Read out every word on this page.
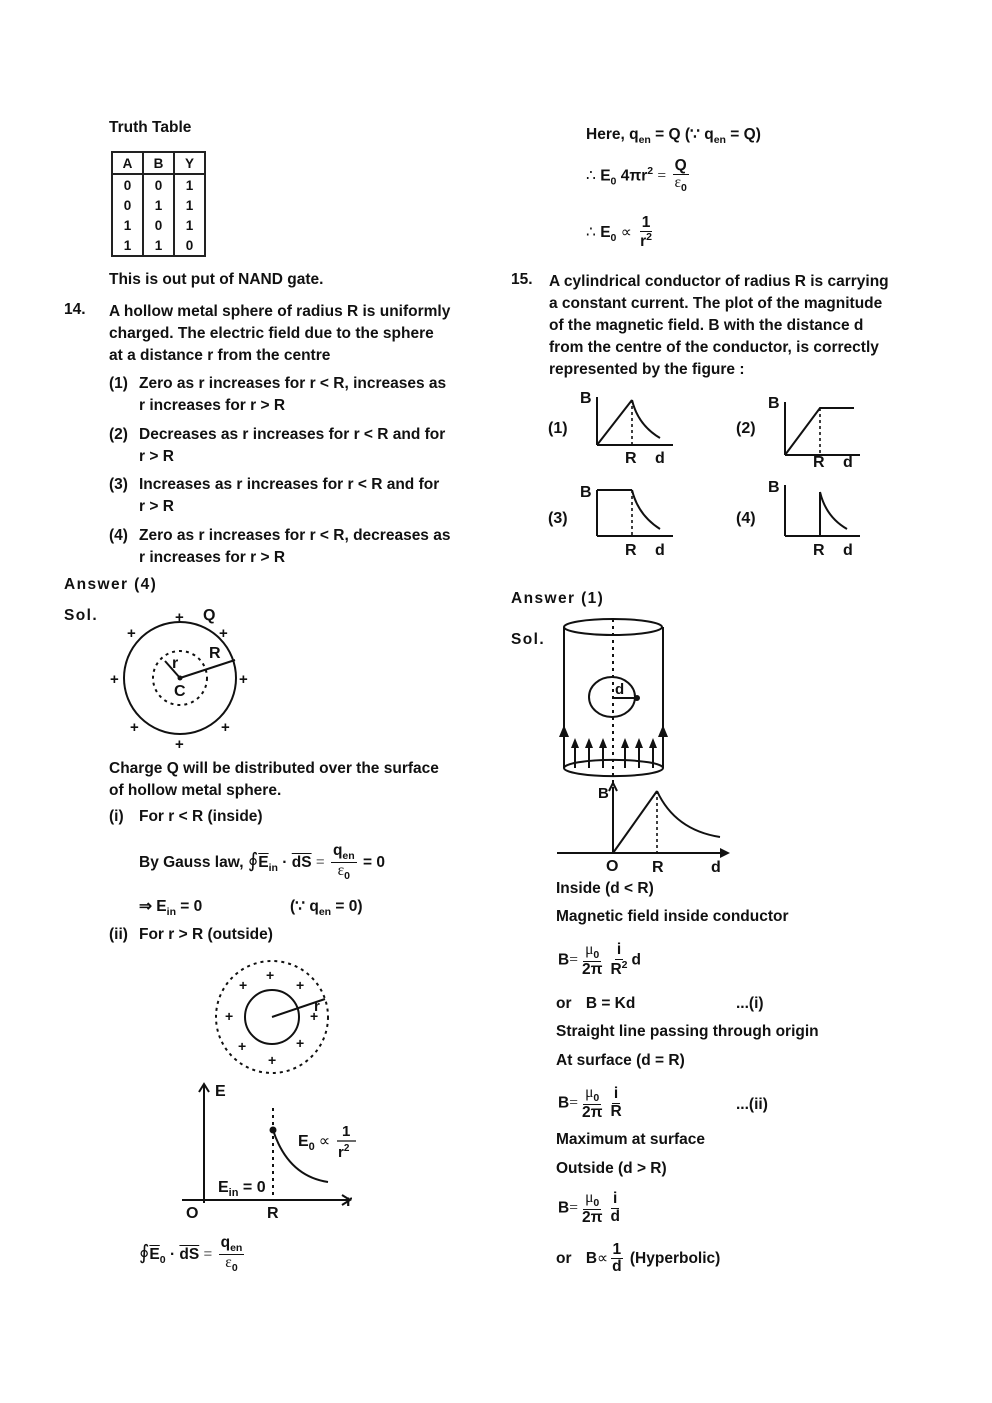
Truth Table
A	B	Y
0	0	1
0	1	1
1	0	1
1	1	0
This is out put of NAND gate.
14. A hollow metal sphere of radius R is uniformly
charged. The electric field due to the sphere
at a distance r from the centre
(1) Zero as r increases for r < R, increases as
r increases for r > R
(2) Decreases as r increases for r < R and for
r > R
(3) Increases as r increases for r < R and for
r > R
(4) Zero as r increases for r < R, decreases as
r increases for r > R
Answer (4)
Sol.
r
R
C
Q
+
+	+
+	+
+	+
+
Charge Q will be distributed over the surface
of hollow metal sphere.
(i) For r < R (inside)
By Gauss law, $∮\overline{E}_{in} \cdot \overline{dS} = \frac{q_{en}}{\varepsilon_0} = 0$
⇒ $E_{in} = 0$	(∵ $q_{en} = 0$)
(ii) For r > R (outside)
r
+
+	+
+	+
+	+
+
E
r
O	R
$E_{in} = 0$
$E_0$ ∝
1
$r^2$
$∮\overline{E}_0 \cdot \overline{dS} = \frac{q_{en}}{\varepsilon_0}$
Here, $q_{en} = Q$ (∵ $q_{en} = Q$)
∴ $E_0$ $4\pi r^2 = \frac{Q}{\varepsilon_0}$
∴ $E_0 \propto \frac{1}{r^2}$
15. A cylindrical conductor of radius R is carrying
a constant current. The plot of the magnitude
of the magnetic field. B with the distance d
from the centre of the conductor, is correctly
represented by the figure :
(1)
B
R d
(2)
B
R d
(3)
B
R d
(4)
B
R d
Answer (1)
Sol.
d
B
O R	d
Inside (d < R)
Magnetic field inside conductor
$B= \frac{\mu_0}{2\pi} \frac{i}{R^2}$ d
or B = Kd	...(i)
Straight line passing through origin
At surface (d = R)
$B= \frac{\mu_0}{2\pi} \frac{i}{R}$	...(ii)
Maximum at surface
Outside (d > R)
$B= \frac{\mu_0}{2\pi} \frac{i}{d}$
or $B\propto \frac{1}{d}$ (Hyperbolic)
